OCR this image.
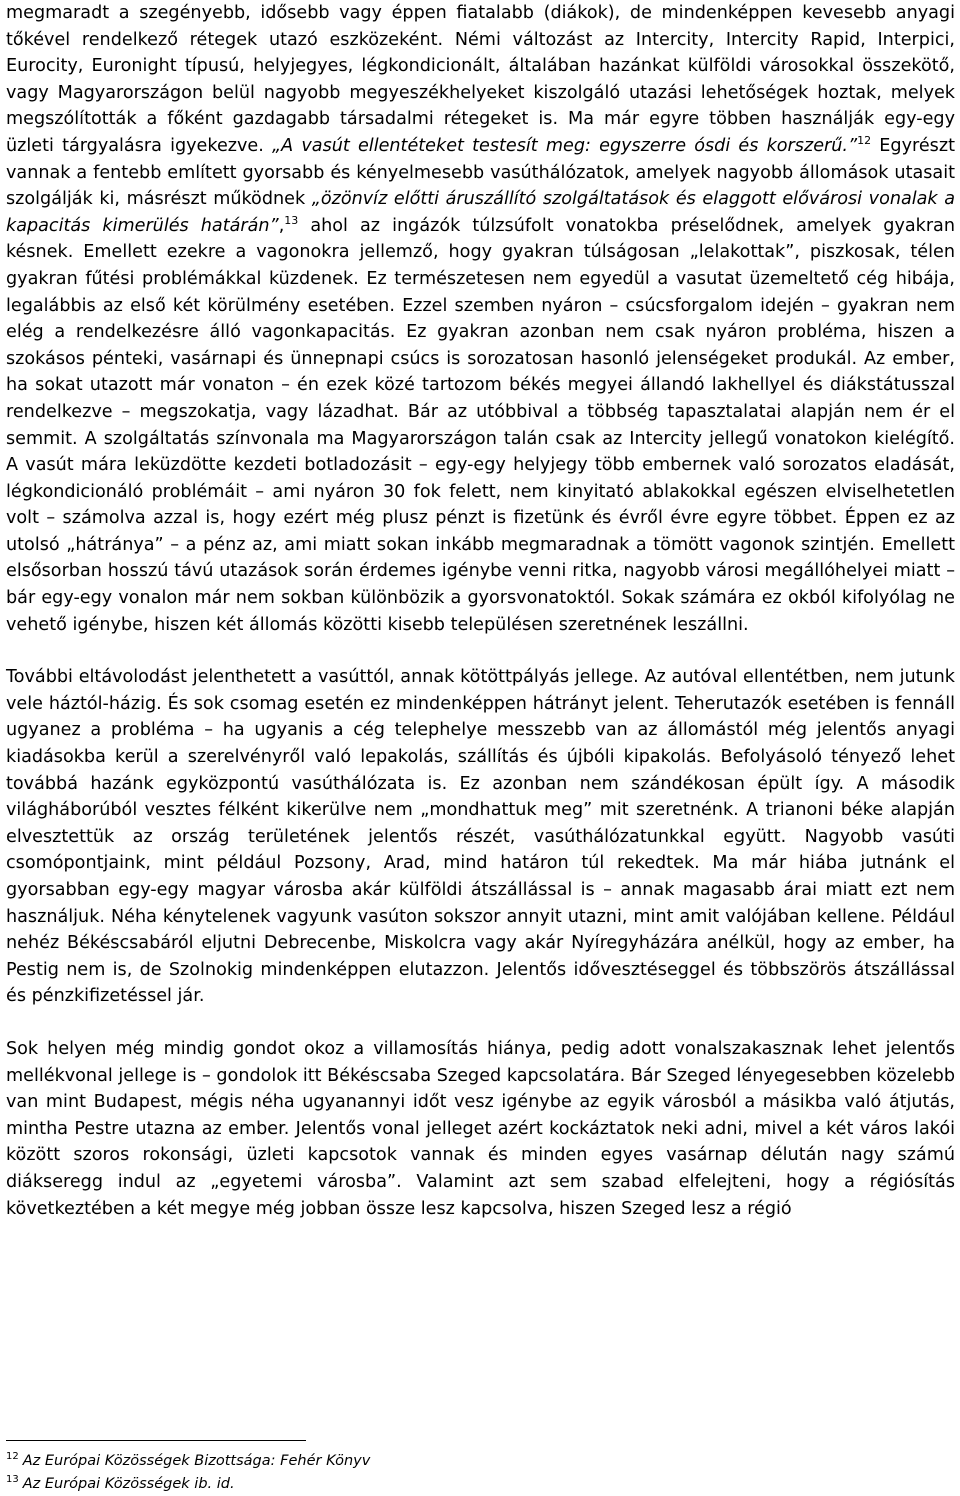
megmaradt a szegényebb, idősebb vagy éppen fiatalabb (diákok), de mindenképpen kevesebb anyagi tőkével rendelkező rétegek utazó eszközeként. Némi változást az Intercity, Intercity Rapid, Interpici, Eurocity, Euronight típusú, helyjegyes, légkondicionált, általában hazánkat külföldi városokkal összekötő, vagy Magyarországon belül nagyobb megyeszékhelyeket kiszolgáló utazási lehetőségek hoztak, melyek megszólították a főként gazdagabb társadalmi rétegeket is. Ma már egyre többen használják egy-egy üzleti tárgyalásra igyekezve. „A vasút ellentéteket testesít meg: egyszerre ósdi és korszerű.”$^{12}$ Egyrészt vannak a fentebb említett gyorsabb és kényelmesebb vasúthálózatok, amelyek nagyobb állomások utasait szolgálják ki, másrészt működnek „özönvíz előtti áruszállító szolgáltatások és elaggott elővárosi vonalak a kapacitás kimerülés határán”,$^{13}$ ahol az ingázók túlzsúfolt vonatokba préselődnek, amelyek gyakran késnek. Emellett ezekre a vagonokra jellemző, hogy gyakran túlságosan „lelakottak”, piszkosak, télen gyakran fűtési problémákkal küzdenek. Ez természetesen nem egyedül a vasutat üzemeltető cég hibája, legalábbis az első két körülmény esetében. Ezzel szemben nyáron – csúcsforgalom idején – gyakran nem elég a rendelkezésre álló vagonkapacitás. Ez gyakran azonban nem csak nyáron probléma, hiszen a szokásos pénteki, vasárnapi és ünnepnapi csúcs is sorozatosan hasonló jelenségeket produkál. Az ember, ha sokat utazott már vonaton – én ezek közé tartozom békés megyei állandó lakhellyel és diákstátusszal rendelkezve – megszokatja, vagy lázadhat. Bár az utóbbival a többség tapasztalatai alapján nem ér el semmit. A szolgáltatás színvonala ma Magyarországon talán csak az Intercity jellegű vonatokon kielégítő. A vasút mára leküzdötte kezdeti botladozásit – egy-egy helyjegy több embernek való sorozatos eladását, légkondicionáló problémáit – ami nyáron 30 fok felett, nem kinyitató ablakokkal egészen elviselhetetlen volt – számolva azzal is, hogy ezért még plusz pénzt is fizetünk és évről évre egyre többet. Éppen ez az utolsó „hátránya” – a pénz az, ami miatt sokan inkább megmaradnak a tömött vagonok szintjén. Emellett elsősorban hosszú távú utazások során érdemes igénybe venni ritka, nagyobb városi megállóhelyei miatt – bár egy-egy vonalon már nem sokban különbözik a gyorsvonatoktól. Sokak számára ez okból kifolyólag ne vehető igénybe, hiszen két állomás közötti kisebb településen szeretnének leszállni.

További eltávolodást jelenthetett a vasúttól, annak kötöttpályás jellege. Az autóval ellentétben, nem jutunk vele háztól-házig. És sok csomag esetén ez mindenképpen hátrányt jelent. Teherutazók esetében is fennáll ugyanez a probléma – ha ugyanis a cég telephelye messzebb van az állomástól még jelentős anyagi kiadásokba kerül a szerelvényről való lepakolás, szállítás és újbóli kipakolás. Befolyásoló tényező lehet továbbá hazánk egyközpontú vasúthálózata is. Ez azonban nem szándékosan épült így. A második világháborúból vesztes félként kikerülve nem „mondhattuk meg” mit szeretnénk. A trianoni béke alapján elvesztettük az ország területének jelentős részét, vasúthálózatunkkal együtt. Nagyobb vasúti csomópontjaink, mint például Pozsony, Arad, mind határon túl rekedtek. Ma már hiába jutnánk el gyorsabban egy-egy magyar városba akár külföldi átszállással is – annak magasabb árai miatt ezt nem használjuk. Néha kénytelenek vagyunk vasúton sokszor annyit utazni, mint amit valójában kellene. Például nehéz Békéscsabáról eljutni Debrecenbe, Miskolcra vagy akár Nyíregyházára anélkül, hogy az ember, ha Pestig nem is, de Szolnokig mindenképpen elutazzon. Jelentős idővesztéseggel és többszörös átszállással és pénzkifizetéssel jár.

Sok helyen még mindig gondot okoz a villamosítás hiánya, pedig adott vonalszakasznak lehet jelentős mellékvonal jellege is – gondolok itt Békéscsaba Szeged kapcsolatára. Bár Szeged lényegesebben közelebb van mint Budapest, mégis néha ugyanannyi időt vesz igénybe az egyik városból a másikba való átjutás, mintha Pestre utazna az ember. Jelentős vonal jelleget azért kockáztatok neki adni, mivel a két város lakói között szoros rokonsági, üzleti kapcsotok vannak és minden egyes vasárnap délután nagy számú diákseregg indul az „egyetemi városba”. Valamint azt sem szabad elfelejteni, hogy a régiósítás következtében a két megye még jobban össze lesz kapcsolva, hiszen Szeged lesz a régió

$^{12}$ Az Európai Közösségek Bizottsága: Fehér Könyv

$^{13}$ Az Európai Közösségek ib. id.
